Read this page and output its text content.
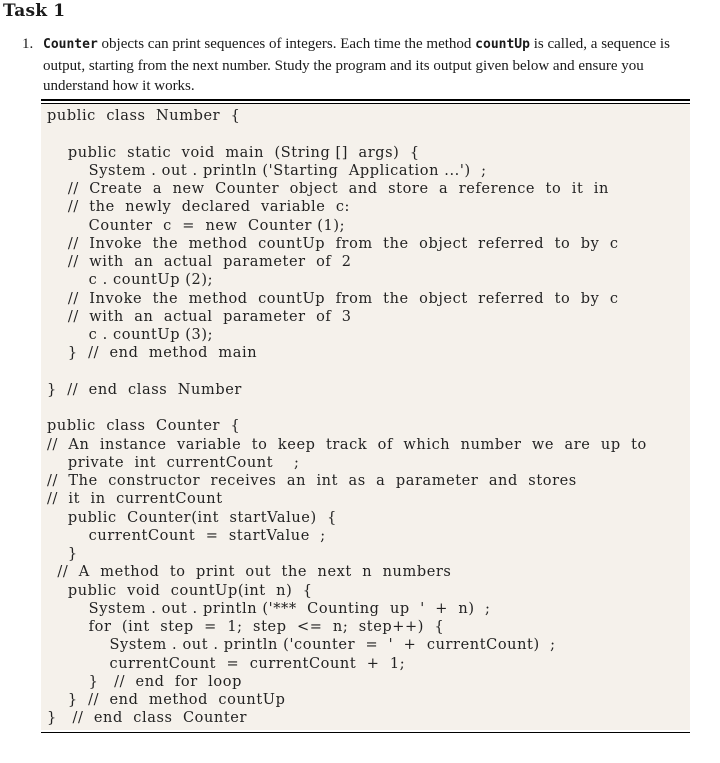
Task 1
1. Counter objects can print sequences of integers. Each time the method countUp is called, a sequence is output, starting from the next number. Study the program and its output given below and ensure you understand how it works.
public  class  Number  {
public  static  void  main  (String []  args)  {
System . out . println ('Starting  Application ...')  ;
//  Create  a  new  Counter  object  and  store  a  reference  to  it  in
//  the  newly  declared  variable  c:
Counter  c  =  new  Counter (1);
//  Invoke  the  method  countUp  from  the  object  referred  to  by  c
//  with  an  actual  parameter  of  2
c . countUp (2);
//  Invoke  the  method  countUp  from  the  object  referred  to  by  c
//  with  an  actual  parameter  of  3
c . countUp (3);
}  //  end  method  main
}  //  end  class  Number
public  class  Counter  {
//  An  instance  variable  to  keep  track  of  which  number  we  are  up  to
private  int  currentCount    ;
//  The  constructor  receives  an  int  as  a  parameter  and  stores
//  it  in  currentCount
public  Counter(int  startValue)  {
currentCount  =  startValue  ;
}
//  A  method  to  print  out  the  next  n  numbers
public  void  countUp(int  n)  {
System . out . println ('***  Counting  up  '  +  n)  ;
for  (int  step  =  1;  step  <=  n;  step++)  {
System . out . println ('counter  =  '  +  currentCount)  ;
currentCount  =  currentCount  +  1;
}   //  end  for  loop
}  //  end  method  countUp
}   //  end  class  Counter
